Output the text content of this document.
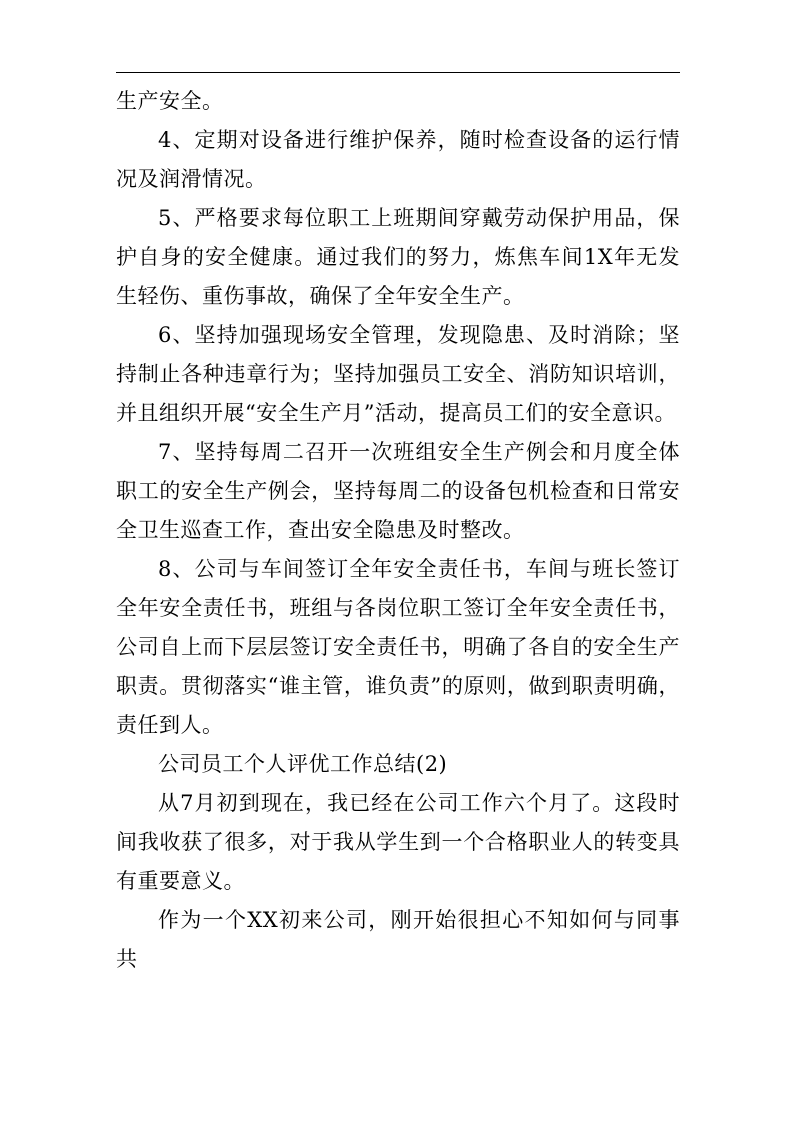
生产安全。

4、定期对设备进行维护保养，随时检查设备的运行情况及润滑情况。

5、严格要求每位职工上班期间穿戴劳动保护用品，保护自身的安全健康。通过我们的努力，炼焦车间1X年无发生轻伤、重伤事故，确保了全年安全生产。

6、坚持加强现场安全管理，发现隐患、及时消除；坚持制止各种违章行为；坚持加强员工安全、消防知识培训，并且组织开展“安全生产月”活动，提高员工们的安全意识。

7、坚持每周二召开一次班组安全生产例会和月度全体职工的安全生产例会，坚持每周二的设备包机检查和日常安全卫生巡查工作，查出安全隐患及时整改。

8、公司与车间签订全年安全责任书，车间与班长签订全年安全责任书，班组与各岗位职工签订全年安全责任书，公司自上而下层层签订安全责任书，明确了各自的安全生产职责。贯彻落实“谁主管，谁负责”的原则，做到职责明确，责任到人。

公司员工个人评优工作总结(2)

从7月初到现在，我已经在公司工作六个月了。这段时间我收获了很多，对于我从学生到一个合格职业人的转变具有重要意义。

作为一个XX初来公司，刚开始很担心不知如何与同事共
